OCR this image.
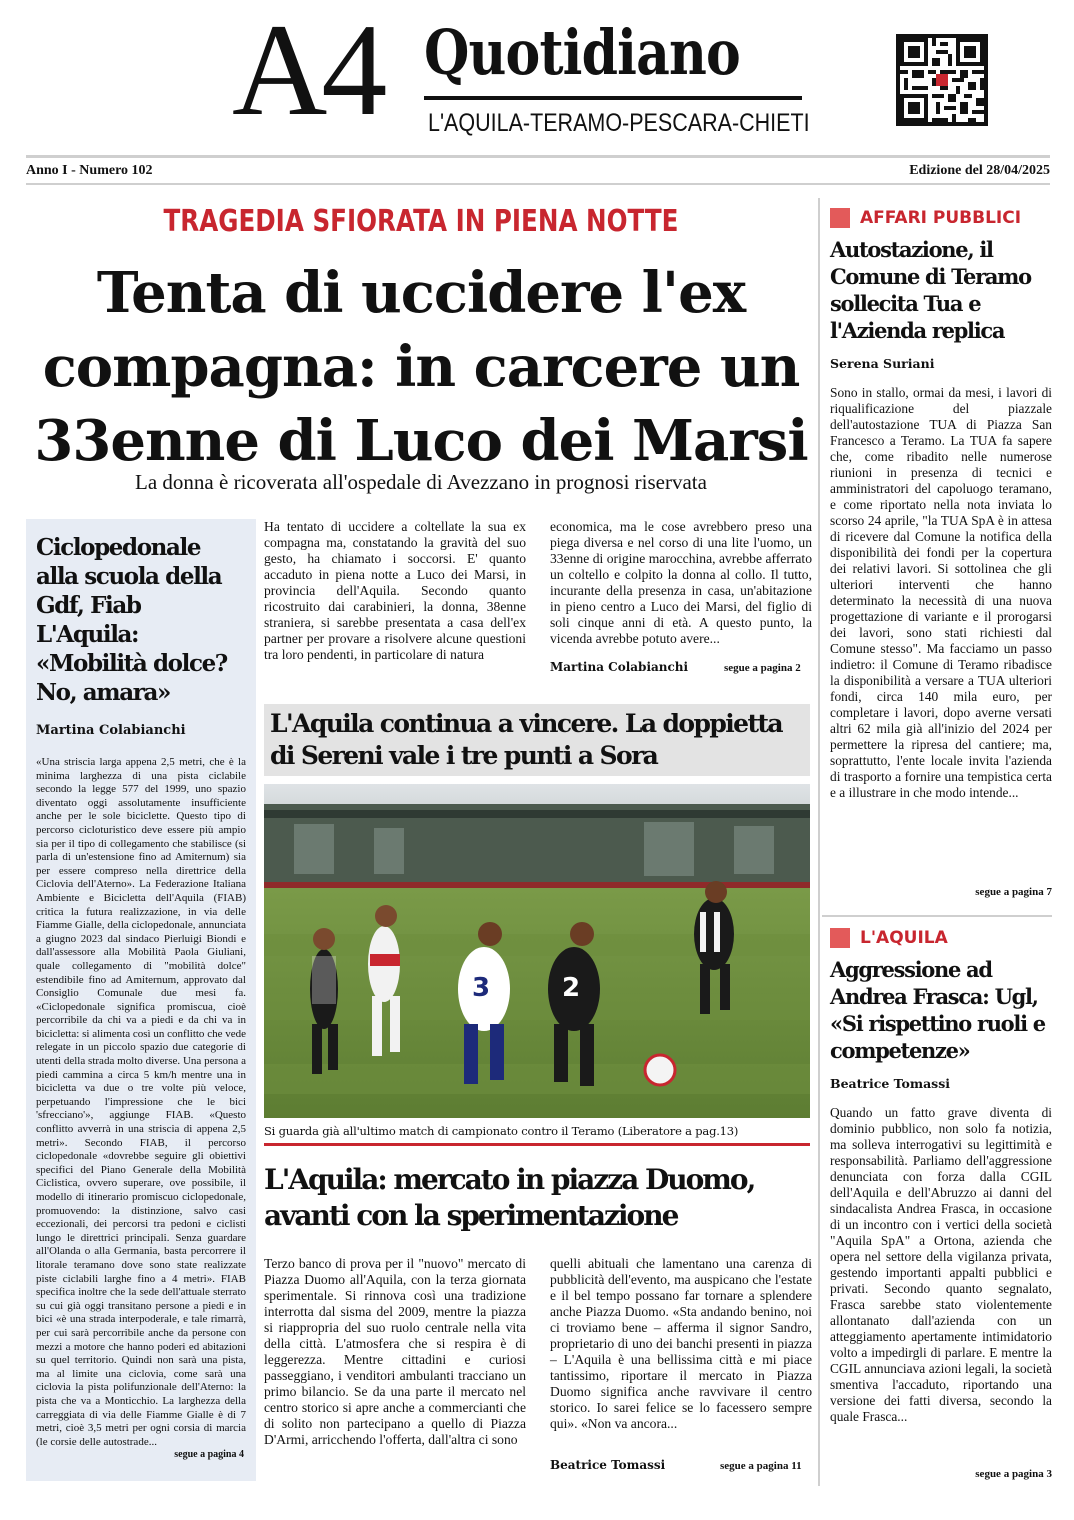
A4 Quotidiano
L'AQUILA-TERAMO-PESCARA-CHIETI
Anno I - Numero 102	Edizione del 28/04/2025
TRAGEDIA SFIORATA IN PIENA NOTTE
Tenta di uccidere l'ex compagna: in carcere un 33enne di Luco dei Marsi
La donna è ricoverata all'ospedale di Avezzano in prognosi riservata
Ha tentato di uccidere a coltellate la sua ex compagna ma, constatando la gravità del suo gesto, ha chiamato i soccorsi. E' quanto accaduto in piena notte a Luco dei Marsi, in provincia dell'Aquila. Secondo quanto ricostruito dai carabinieri, la donna, 38enne straniera, si sarebbe presentata a casa dell'ex partner per provare a risolvere alcune questioni tra loro pendenti, in particolare di natura
economica, ma le cose avrebbero preso una piega diversa e nel corso di una lite l'uomo, un 33enne di origine marocchina, avrebbe afferrato un coltello e colpito la donna al collo. Il tutto, incurante della presenza in casa, un'abitazione in pieno centro a Luco dei Marsi, del figlio di soli cinque anni di età. A questo punto, la vicenda avrebbe potuto avere...
Martina Colabianchi	segue a pagina 2
Ciclopedonale alla scuola della Gdf, Fiab L'Aquila: «Mobilità dolce? No, amara»
Martina Colabianchi
«Una striscia larga appena 2,5 metri, che è la minima larghezza di una pista ciclabile secondo la legge 577 del 1999, uno spazio diventato oggi assolutamente insufficiente anche per le sole biciclette. Questo tipo di percorso cicloturistico deve essere più ampio sia per il tipo di collegamento che stabilisce (si parla di un'estensione fino ad Amiternum) sia per essere compreso nella direttrice della Ciclovia dell'Aterno». La Federazione Italiana Ambiente e Bicicletta dell'Aquila (FIAB) critica la futura realizzazione, in via delle Fiamme Gialle, della ciclopedonale, annunciata a giugno 2023 dal sindaco Pierluigi Biondi e dall'assessore alla Mobilità Paola Giuliani, quale collegamento di "mobilità dolce" estendibile fino ad Amiternum, approvato dal Consiglio Comunale due mesi fa. «Ciclopedonale significa promiscua, cioè percorribile da chi va a piedi e da chi va in bicicletta: si alimenta così un conflitto che vede relegate in un piccolo spazio due categorie di utenti della strada molto diverse. Una persona a piedi cammina a circa 5 km/h mentre una in bicicletta va due o tre volte più veloce, perpetuando l'impressione che le bici 'sfrecciano'», aggiunge FIAB. «Questo conflitto avverrà in una striscia di appena 2,5 metri». Secondo FIAB, il percorso ciclopedonale «dovrebbe seguire gli obiettivi specifici del Piano Generale della Mobilità Ciclistica, ovvero superare, ove possibile, il modello di itinerario promiscuo ciclopedonale, promuovendo: la distinzione, salvo casi eccezionali, dei percorsi tra pedoni e ciclisti lungo le direttrici principali. Senza guardare all'Olanda o alla Germania, basta percorrere il litorale teramano dove sono state realizzate piste ciclabili larghe fino a 4 metri». FIAB specifica inoltre che la sede dell'attuale sterrato su cui già oggi transitano persone a piedi e in bici «è una strada interpoderale, e tale rimarrà, per cui sarà percorribile anche da persone con mezzi a motore che hanno poderi ed abitazioni su quel territorio. Quindi non sarà una pista, ma al limite una ciclovia, come sarà una ciclovia la pista polifunzionale dell'Aterno: la pista che va a Monticchio. La larghezza della carreggiata di via delle Fiamme Gialle è di 7 metri, cioè 3,5 metri per ogni corsia di marcia (le corsie delle autostrade...
segue a pagina 4
L'Aquila continua a vincere. La doppietta di Sereni vale i tre punti a Sora
3	2
Si guarda già all'ultimo match di campionato contro il Teramo (Liberatore a pag.13)
L'Aquila: mercato in piazza Duomo, avanti con la sperimentazione
Terzo banco di prova per il "nuovo" mercato di Piazza Duomo all'Aquila, con la terza giornata sperimentale. Si rinnova così una tradizione interrotta dal sisma del 2009, mentre la piazza si riappropria del suo ruolo centrale nella vita della città. L'atmosfera che si respira è di leggerezza. Mentre cittadini e curiosi passeggiano, i venditori ambulanti tracciano un primo bilancio. Se da una parte il mercato nel centro storico si apre anche a commercianti che di solito non partecipano a quello di Piazza D'Armi, arricchendo l'offerta, dall'altra ci sono
quelli abituali che lamentano una carenza di pubblicità dell'evento, ma auspicano che l'estate e il bel tempo possano far tornare a splendere anche Piazza Duomo. «Sta andando benino, noi ci troviamo bene – afferma il signor Sandro, proprietario di uno dei banchi presenti in piazza – L'Aquila è una bellissima città e mi piace tantissimo, riportare il mercato in Piazza Duomo significa anche ravvivare il centro storico. Io sarei felice se lo facessero sempre qui». «Non va ancora...
Beatrice Tomassi	segue a pagina 11
AFFARI PUBBLICI
Autostazione, il Comune di Teramo sollecita Tua e l'Azienda replica
Serena Suriani
Sono in stallo, ormai da mesi, i lavori di riqualificazione del piazzale dell'autostazione TUA di Piazza San Francesco a Teramo. La TUA fa sapere che, come ribadito nelle numerose riunioni in presenza di tecnici e amministratori del capoluogo teramano, e come riportato nella nota inviata lo scorso 24 aprile, "la TUA SpA è in attesa di ricevere dal Comune la notifica della disponibilità dei fondi per la copertura dei relativi lavori. Si sottolinea che gli ulteriori interventi che hanno determinato la necessità di una nuova progettazione di variante e il prorogarsi dei lavori, sono stati richiesti dal Comune stesso". Ma facciamo un passo indietro: il Comune di Teramo ribadisce la disponibilità a versare a TUA ulteriori fondi, circa 140 mila euro, per completare i lavori, dopo averne versati altri 62 mila già all'inizio del 2024 per permettere la ripresa del cantiere; ma, soprattutto, l'ente locale invita l'azienda di trasporto a fornire una tempistica certa e a illustrare in che modo intende...
segue a pagina 7
L'AQUILA
Aggressione ad Andrea Frasca: Ugl, «Si rispettino ruoli e competenze»
Beatrice Tomassi
Quando un fatto grave diventa di dominio pubblico, non solo fa notizia, ma solleva interrogativi su legittimità e responsabilità. Parliamo dell'aggressione denunciata con forza dalla CGIL dell'Aquila e dell'Abruzzo ai danni del sindacalista Andrea Frasca, in occasione di un incontro con i vertici della società "Aquila SpA" a Ortona, azienda che opera nel settore della vigilanza privata, gestendo importanti appalti pubblici e privati. Secondo quanto segnalato, Frasca sarebbe stato violentemente allontanato dall'azienda con un atteggiamento apertamente intimidatorio volto a impedirgli di parlare. E mentre la CGIL annunciava azioni legali, la società smentiva l'accaduto, riportando una versione dei fatti diversa, secondo la quale Frasca...
segue a pagina 3
